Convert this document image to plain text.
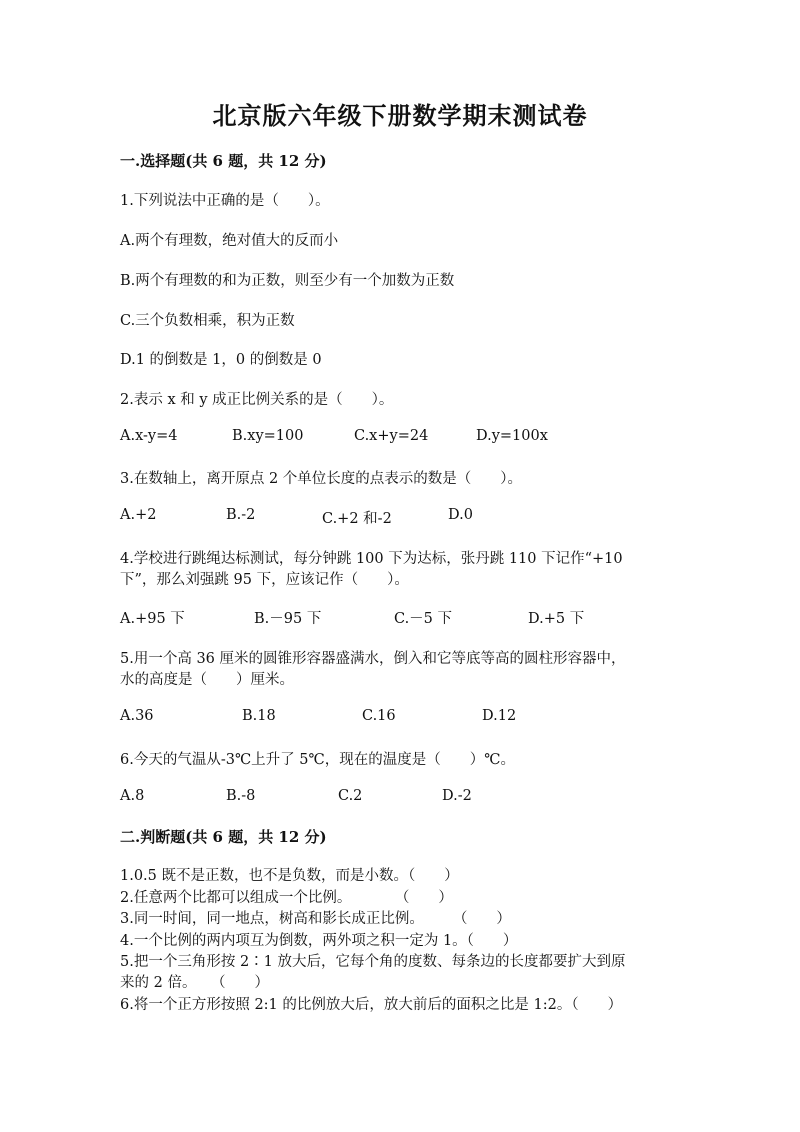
北京版六年级下册数学期末测试卷
一.选择题(共 6 题，共 12 分)
1.下列说法中正确的是（　　）。
A.两个有理数，绝对值大的反而小
B.两个有理数的和为正数，则至少有一个加数为正数
C.三个负数相乘，积为正数
D.1 的倒数是 1，0 的倒数是 0
2.表示 x 和 y 成正比例关系的是（　　）。
A.x-y=4	B.xy=100	C.x+y=24	D.y=100x
3.在数轴上，离开原点 2 个单位长度的点表示的数是（　　）。
A.+2	B.-2	C.+2 和-2	D.0
4.学校进行跳绳达标测试，每分钟跳 100 下为达标，张丹跳 110 下记作“+10
下”，那么刘强跳 95 下，应该记作（　　）。
A.+95 下	B.－95 下	C.－5 下	D.+5 下
5.用一个高 36 厘米的圆锥形容器盛满水，倒入和它等底等高的圆柱形容器中，
水的高度是（　　）厘米。
A.36	B.18	C.16	D.12
6.今天的气温从-3℃上升了 5℃，现在的温度是（　　）℃。
A.8	B.-8	C.2	D.-2
二.判断题(共 6 题，共 12 分)
1.0.5 既不是正数，也不是负数，而是小数。（　　）
2.任意两个比都可以组成一个比例。　　　　（　　）
3.同一时间，同一地点，树高和影长成正比例。　　　（　　）
4.一个比例的两内项互为倒数，两外项之积一定为 1。（　　）
5.把一个三角形按 2∶1 放大后，它每个角的度数、每条边的长度都要扩大到原
来的 2 倍。　　（　　）
6.将一个正方形按照 2:1 的比例放大后，放大前后的面积之比是 1:2。（　　）
